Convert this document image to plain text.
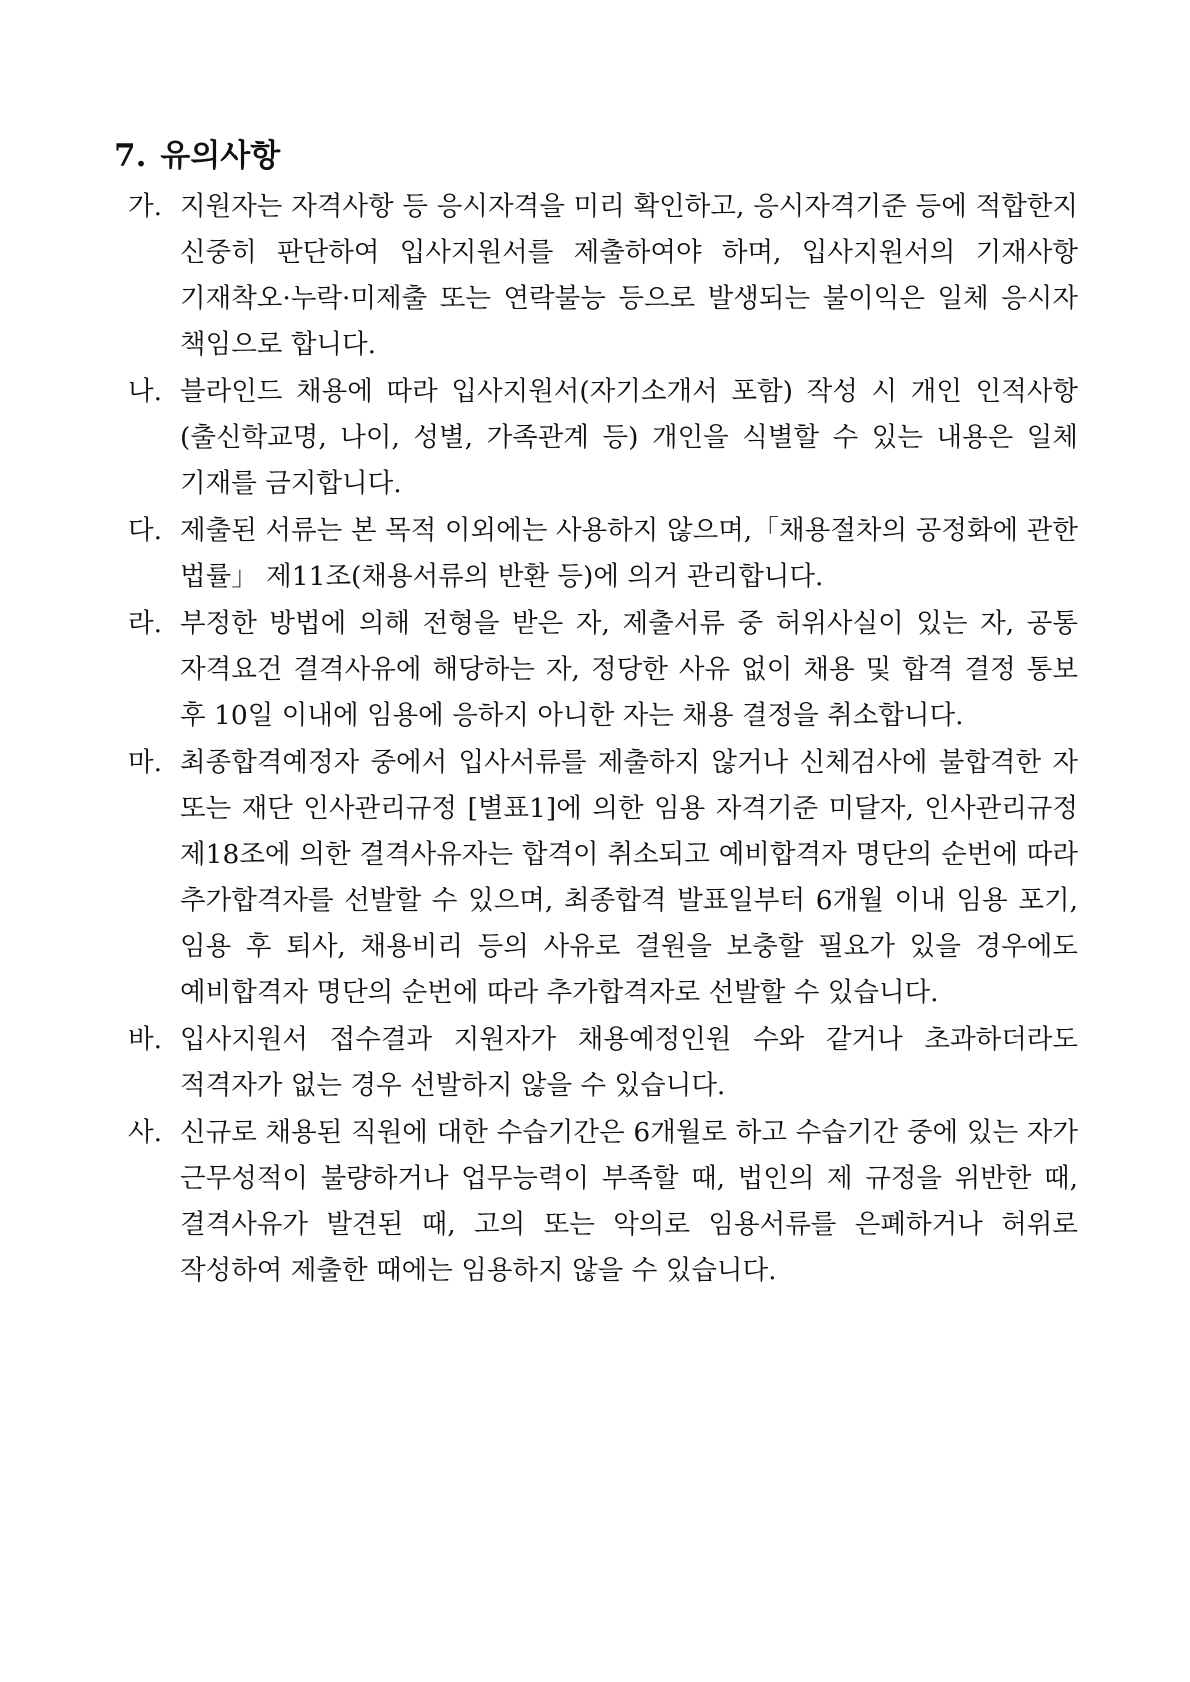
7. 유의사항
가. 지원자는 자격사항 등 응시자격을 미리 확인하고, 응시자격기준 등에 적합한지 신중히 판단하여 입사지원서를 제출하여야 하며, 입사지원서의 기재사항 기재착오·누락·미제출 또는 연락불능 등으로 발생되는 불이익은 일체 응시자 책임으로 합니다.
나. 블라인드 채용에 따라 입사지원서(자기소개서 포함) 작성 시 개인 인적사항(출신학교명, 나이, 성별, 가족관계 등) 개인을 식별할 수 있는 내용은 일체 기재를 금지합니다.
다. 제출된 서류는 본 목적 이외에는 사용하지 않으며,「채용절차의 공정화에 관한 법률」 제11조(채용서류의 반환 등)에 의거 관리합니다.
라. 부정한 방법에 의해 전형을 받은 자, 제출서류 중 허위사실이 있는 자, 공통 자격요건 결격사유에 해당하는 자, 정당한 사유 없이 채용 및 합격 결정 통보 후 10일 이내에 임용에 응하지 아니한 자는 채용 결정을 취소합니다.
마. 최종합격예정자 중에서 입사서류를 제출하지 않거나 신체검사에 불합격한 자 또는 재단 인사관리규정 [별표1]에 의한 임용 자격기준 미달자, 인사관리규정 제18조에 의한 결격사유자는 합격이 취소되고 예비합격자 명단의 순번에 따라 추가합격자를 선발할 수 있으며, 최종합격 발표일부터 6개월 이내 임용 포기, 임용 후 퇴사, 채용비리 등의 사유로 결원을 보충할 필요가 있을 경우에도 예비합격자 명단의 순번에 따라 추가합격자로 선발할 수 있습니다.
바. 입사지원서 접수결과 지원자가 채용예정인원 수와 같거나 초과하더라도 적격자가 없는 경우 선발하지 않을 수 있습니다.
사. 신규로 채용된 직원에 대한 수습기간은 6개월로 하고 수습기간 중에 있는 자가 근무성적이 불량하거나 업무능력이 부족할 때, 법인의 제 규정을 위반한 때, 결격사유가 발견된 때, 고의 또는 악의로 임용서류를 은폐하거나 허위로 작성하여 제출한 때에는 임용하지 않을 수 있습니다.
